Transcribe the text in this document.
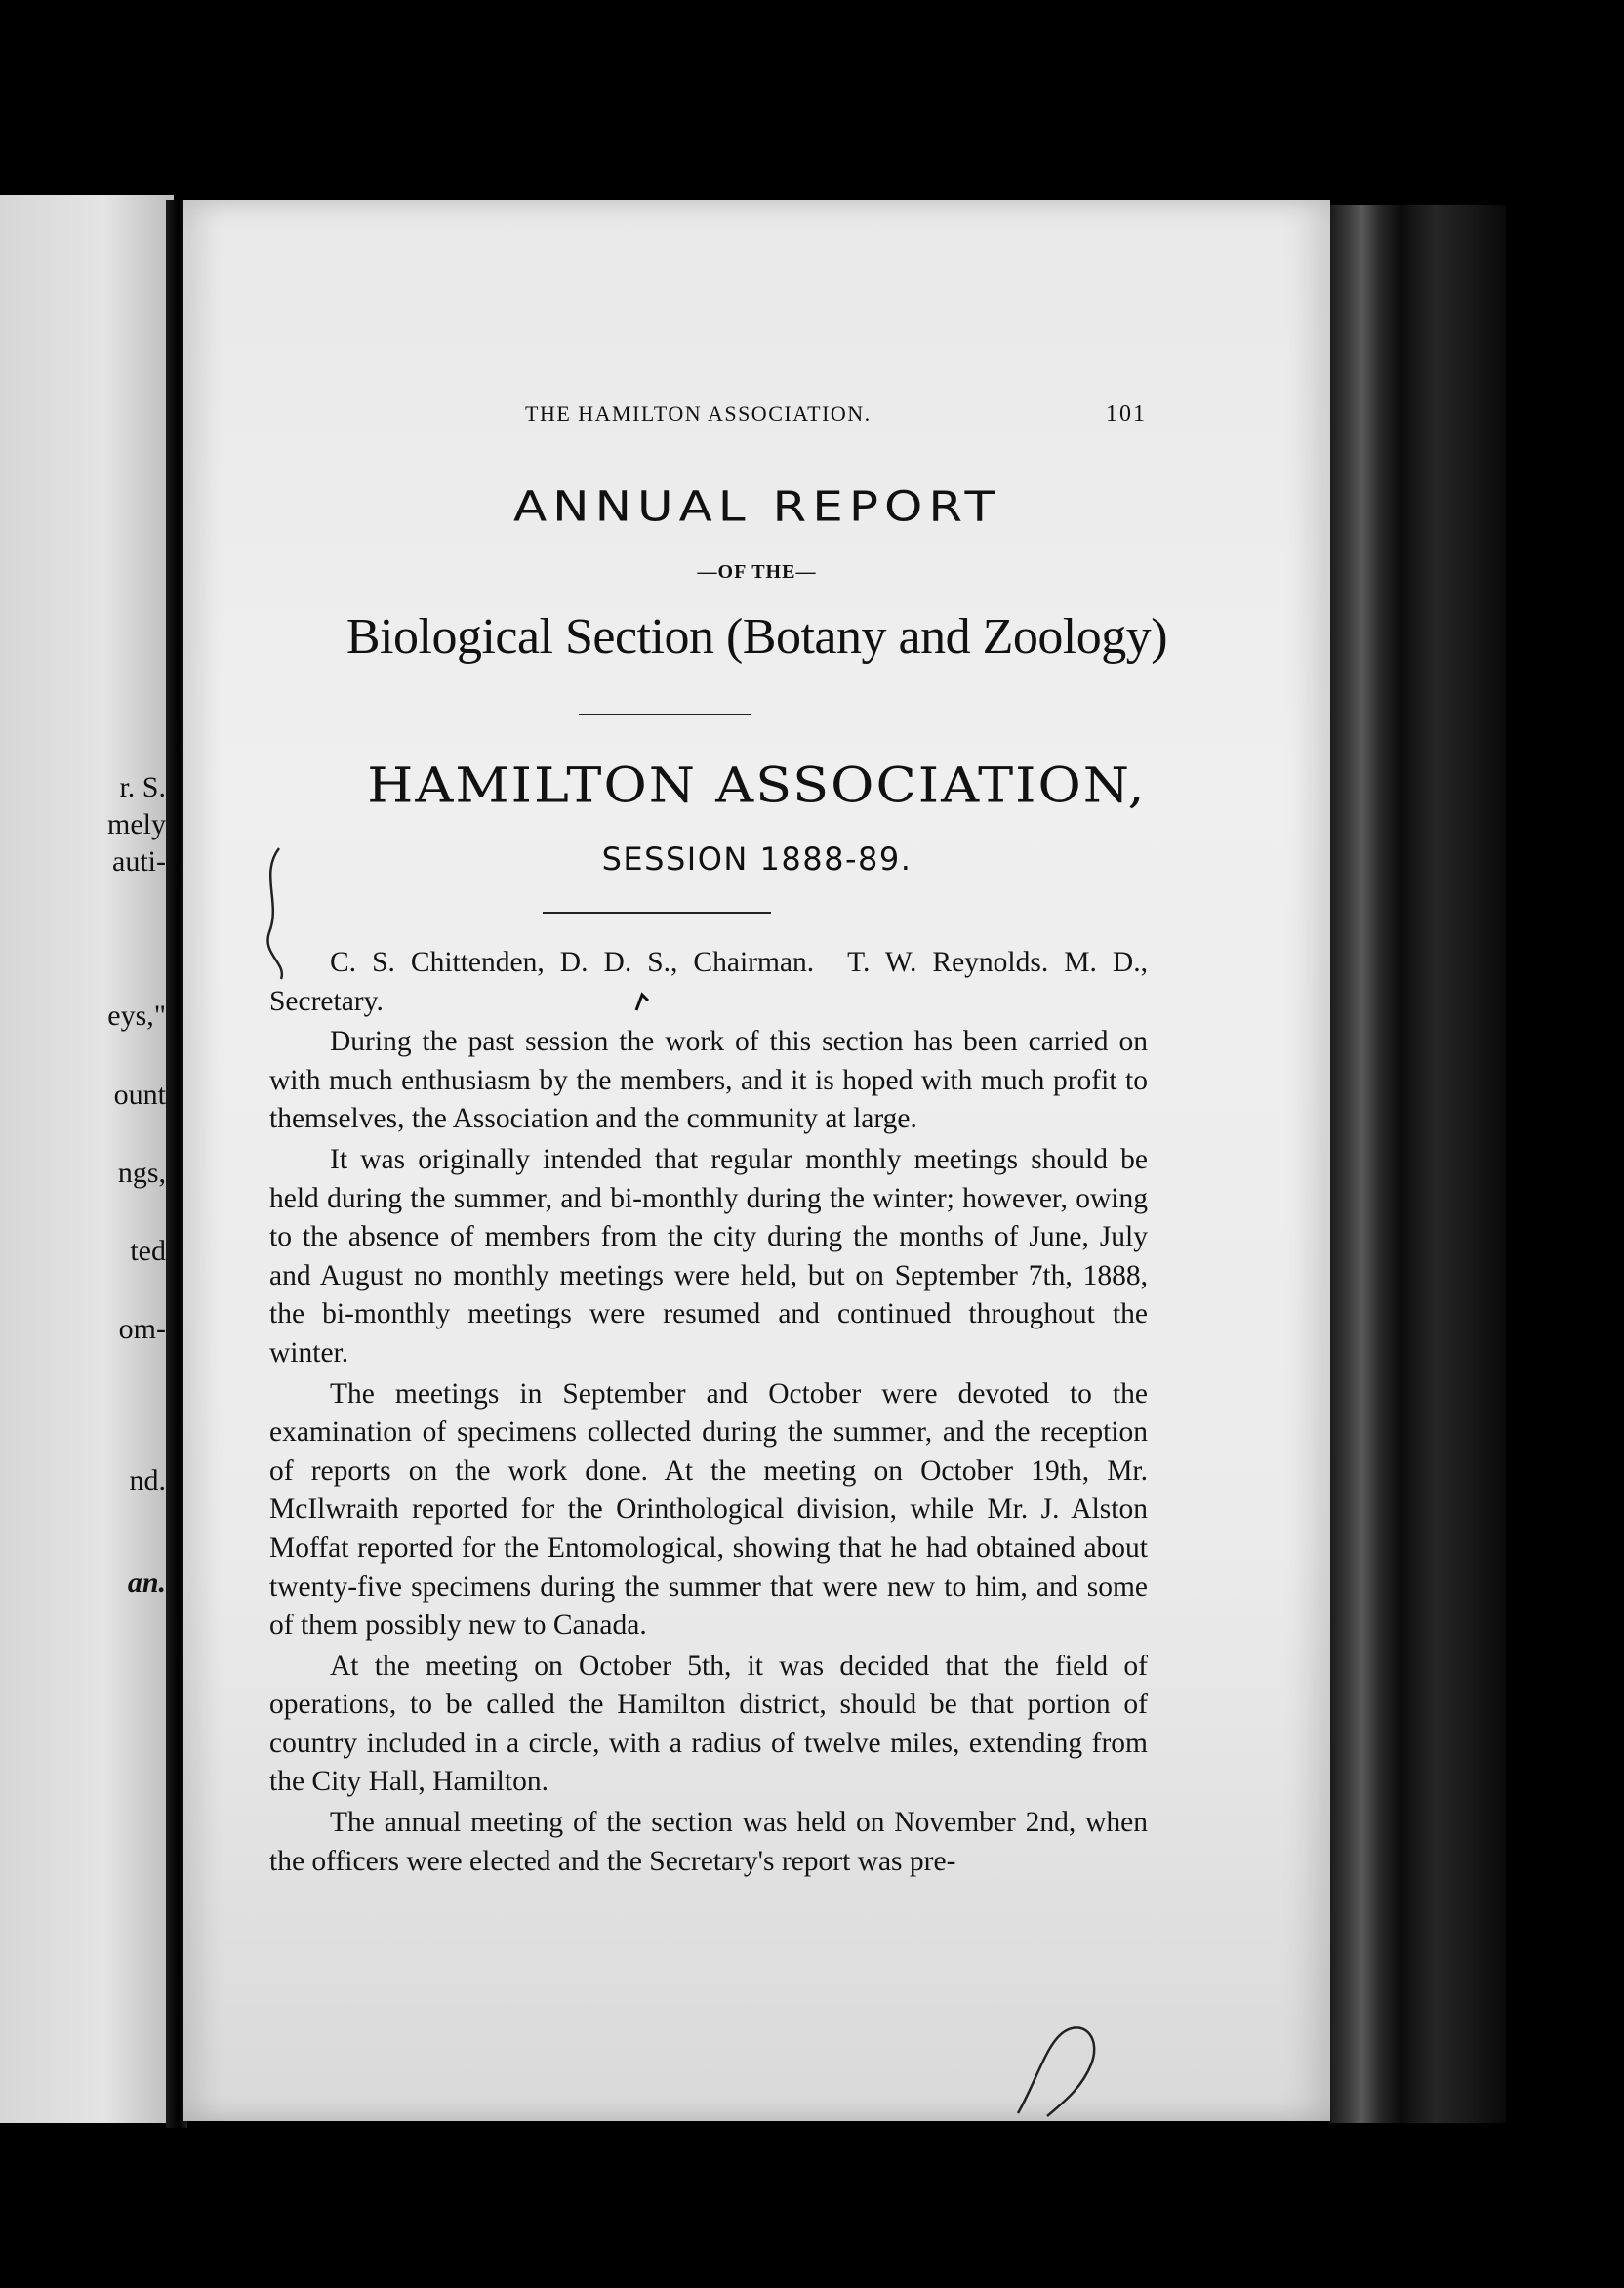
r. S.
mely
auti-
eys,"
ount
ngs,
ted
om-
nd.
an.
THE HAMILTON ASSOCIATION.	101
ANNUAL REPORT
—OF THE—
Biological Section (Botany and Zoology)
HAMILTON ASSOCIATION,
SESSION 1888-89.

C. S. Chittenden, D. D. S., Chairman. T. W. Reynolds. M. D., Secretary.

During the past session the work of this section has been carried on with much enthusiasm by the members, and it is hoped with much profit to themselves, the Association and the community at large.

It was originally intended that regular monthly meetings should be held during the summer, and bi-monthly during the winter; however, owing to the absence of members from the city during the months of June, July and August no monthly meetings were held, but on September 7th, 1888, the bi-monthly meetings were resumed and continued throughout the winter.

The meetings in September and October were devoted to the examination of specimens collected during the summer, and the reception of reports on the work done. At the meeting on October 19th, Mr. McIlwraith reported for the Orinthological division, while Mr. J. Alston Moffat reported for the Entomological, showing that he had obtained about twenty-five specimens during the summer that were new to him, and some of them possibly new to Canada.

At the meeting on October 5th, it was decided that the field of operations, to be called the Hamilton district, should be that portion of country included in a circle, with a radius of twelve miles, extending from the City Hall, Hamilton.

The annual meeting of the section was held on November 2nd, when the officers were elected and the Secretary's report was pre-
